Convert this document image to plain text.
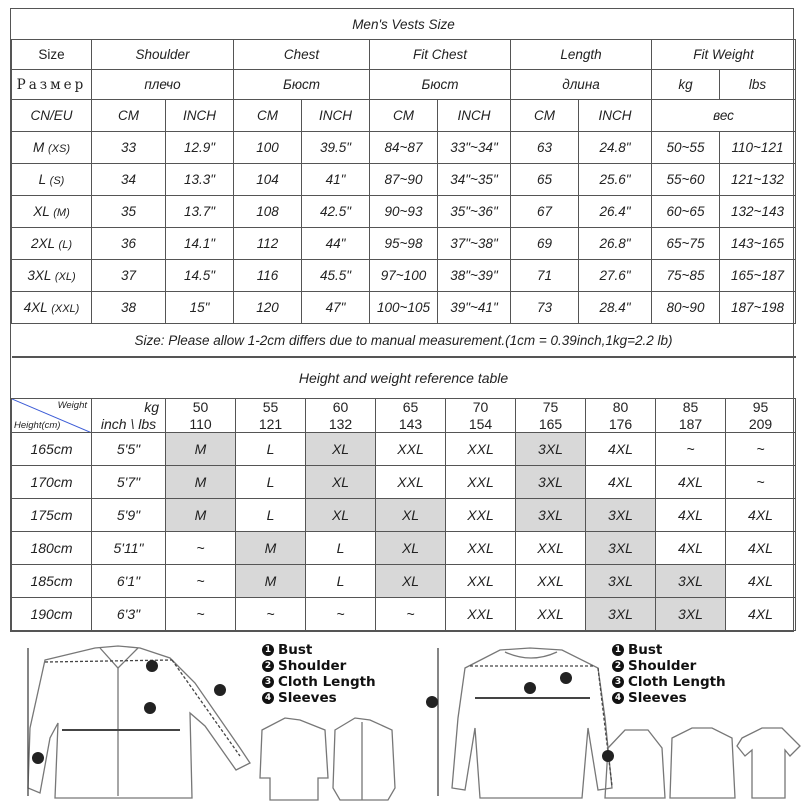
Men's Vests Size										
Size	Shoulder		Chest		Fit Chest		Length		Fit Weight	
Размер	плечо		Бюст		Бюст		длина		kg	lbs
CN/EU	CM	INCH	CM	INCH	CM	INCH	CM	INCH	вес	
M (XS)	33	12.9"	100	39.5"	84~87	33"~34"	63	24.8"	50~55	110~121
L (S)	34	13.3"	104	41"	87~90	34"~35"	65	25.6"	55~60	121~132
XL (M)	35	13.7"	108	42.5"	90~93	35"~36"	67	26.4"	60~65	132~143
2XL (L)	36	14.1"	112	44"	95~98	37"~38"	69	26.8"	65~75	143~165
3XL (XL)	37	14.5"	116	45.5"	97~100	38"~39"	71	27.6"	75~85	165~187
4XL (XXL)	38	15"	120	47"	100~105	39"~41"	73	28.4"	80~90	187~198
Size: Please allow 1-2cm differs due to manual measurement.(1cm = 0.39inch,1kg=2.2 lb)										
Height and weight reference table										

Weight
Height(cm)	kg	50	55	60	65	70	75	80	85	95
	inch \ lbs	110	121	132	143	154	165	176	187	209
165cm	5'5"	M	L	XL	XXL	XXL	3XL	4XL	~	~
170cm	5'7"	M	L	XL	XXL	XXL	3XL	4XL	4XL	~
175cm	5'9"	M	L	XL	XL	XXL	3XL	3XL	4XL	4XL
180cm	5'11"	~	M	L	XL	XXL	XXL	3XL	4XL	4XL
185cm	6'1"	~	M	L	XL	XXL	XXL	3XL	3XL	4XL
190cm	6'3"	~	~	~	~	XXL	XXL	3XL	3XL	4XL
1 Bust
2 Shoulder
3 Cloth Length
4 Sleeves
1 Bust
2 Shoulder
3 Cloth Length
4 Sleeves
